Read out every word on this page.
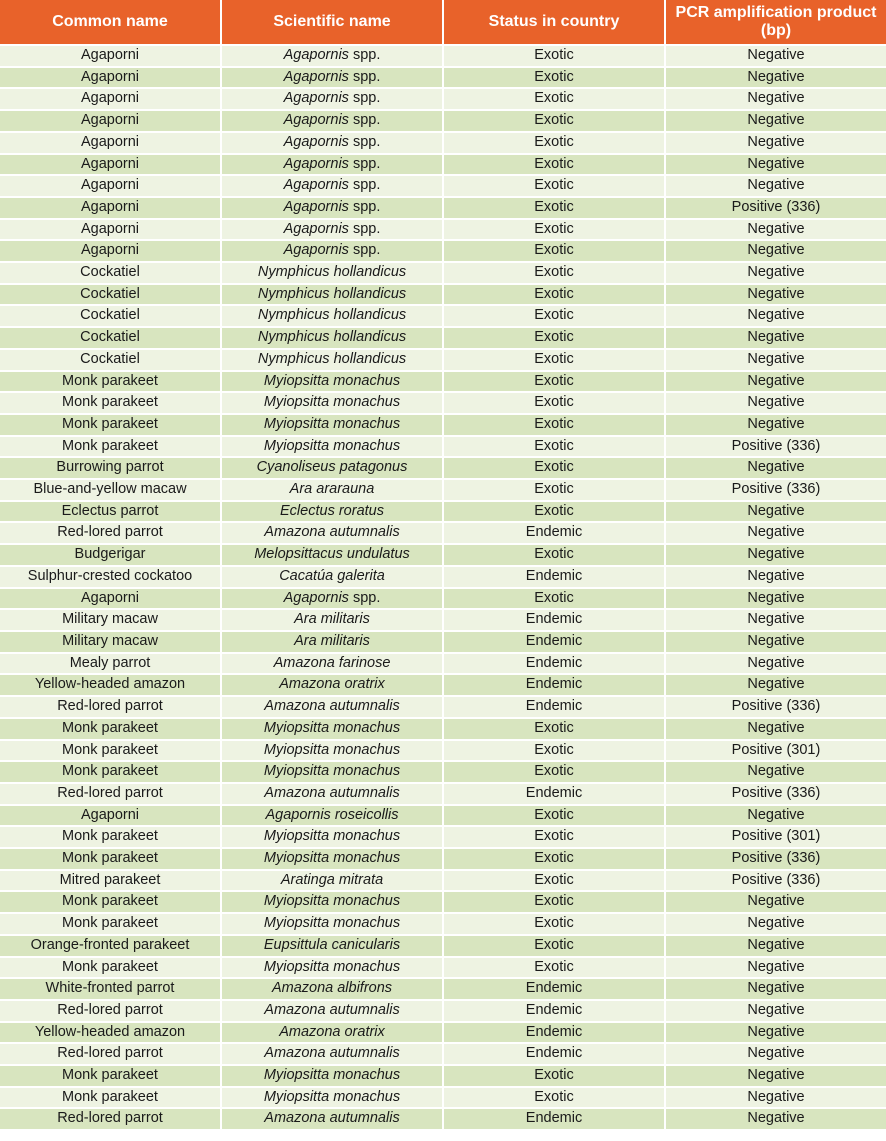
Common name	Scientific name	Status in country	PCR amplification product (bp)
Agaporni	Agapornis spp.	Exotic	Negative
Agaporni	Agapornis spp.	Exotic	Negative
Agaporni	Agapornis spp.	Exotic	Negative
Agaporni	Agapornis spp.	Exotic	Negative
Agaporni	Agapornis spp.	Exotic	Negative
Agaporni	Agapornis spp.	Exotic	Negative
Agaporni	Agapornis spp.	Exotic	Negative
Agaporni	Agapornis spp.	Exotic	Positive (336)
Agaporni	Agapornis spp.	Exotic	Negative
Agaporni	Agapornis spp.	Exotic	Negative
Cockatiel	Nymphicus hollandicus	Exotic	Negative
Cockatiel	Nymphicus hollandicus	Exotic	Negative
Cockatiel	Nymphicus hollandicus	Exotic	Negative
Cockatiel	Nymphicus hollandicus	Exotic	Negative
Cockatiel	Nymphicus hollandicus	Exotic	Negative
Monk parakeet	Myiopsitta monachus	Exotic	Negative
Monk parakeet	Myiopsitta monachus	Exotic	Negative
Monk parakeet	Myiopsitta monachus	Exotic	Negative
Monk parakeet	Myiopsitta monachus	Exotic	Positive (336)
Burrowing parrot	Cyanoliseus patagonus	Exotic	Negative
Blue-and-yellow macaw	Ara ararauna	Exotic	Positive (336)
Eclectus parrot	Eclectus roratus	Exotic	Negative
Red-lored parrot	Amazona autumnalis	Endemic	Negative
Budgerigar	Melopsittacus undulatus	Exotic	Negative
Sulphur-crested cockatoo	Cacatúa galerita	Endemic	Negative
Agaporni	Agapornis spp.	Exotic	Negative
Military macaw	Ara militaris	Endemic	Negative
Military macaw	Ara militaris	Endemic	Negative
Mealy parrot	Amazona farinose	Endemic	Negative
Yellow-headed amazon	Amazona oratrix	Endemic	Negative
Red-lored parrot	Amazona autumnalis	Endemic	Positive (336)
Monk parakeet	Myiopsitta monachus	Exotic	Negative
Monk parakeet	Myiopsitta monachus	Exotic	Positive (301)
Monk parakeet	Myiopsitta monachus	Exotic	Negative
Red-lored parrot	Amazona autumnalis	Endemic	Positive (336)
Agaporni	Agapornis roseicollis	Exotic	Negative
Monk parakeet	Myiopsitta monachus	Exotic	Positive (301)
Monk parakeet	Myiopsitta monachus	Exotic	Positive (336)
Mitred parakeet	Aratinga mitrata	Exotic	Positive (336)
Monk parakeet	Myiopsitta monachus	Exotic	Negative
Monk parakeet	Myiopsitta monachus	Exotic	Negative
Orange-fronted parakeet	Eupsittula canicularis	Exotic	Negative
Monk parakeet	Myiopsitta monachus	Exotic	Negative
White-fronted parrot	Amazona albifrons	Endemic	Negative
Red-lored parrot	Amazona autumnalis	Endemic	Negative
Yellow-headed amazon	Amazona oratrix	Endemic	Negative
Red-lored parrot	Amazona autumnalis	Endemic	Negative
Monk parakeet	Myiopsitta monachus	Exotic	Negative
Monk parakeet	Myiopsitta monachus	Exotic	Negative
Red-lored parrot	Amazona autumnalis	Endemic	Negative
